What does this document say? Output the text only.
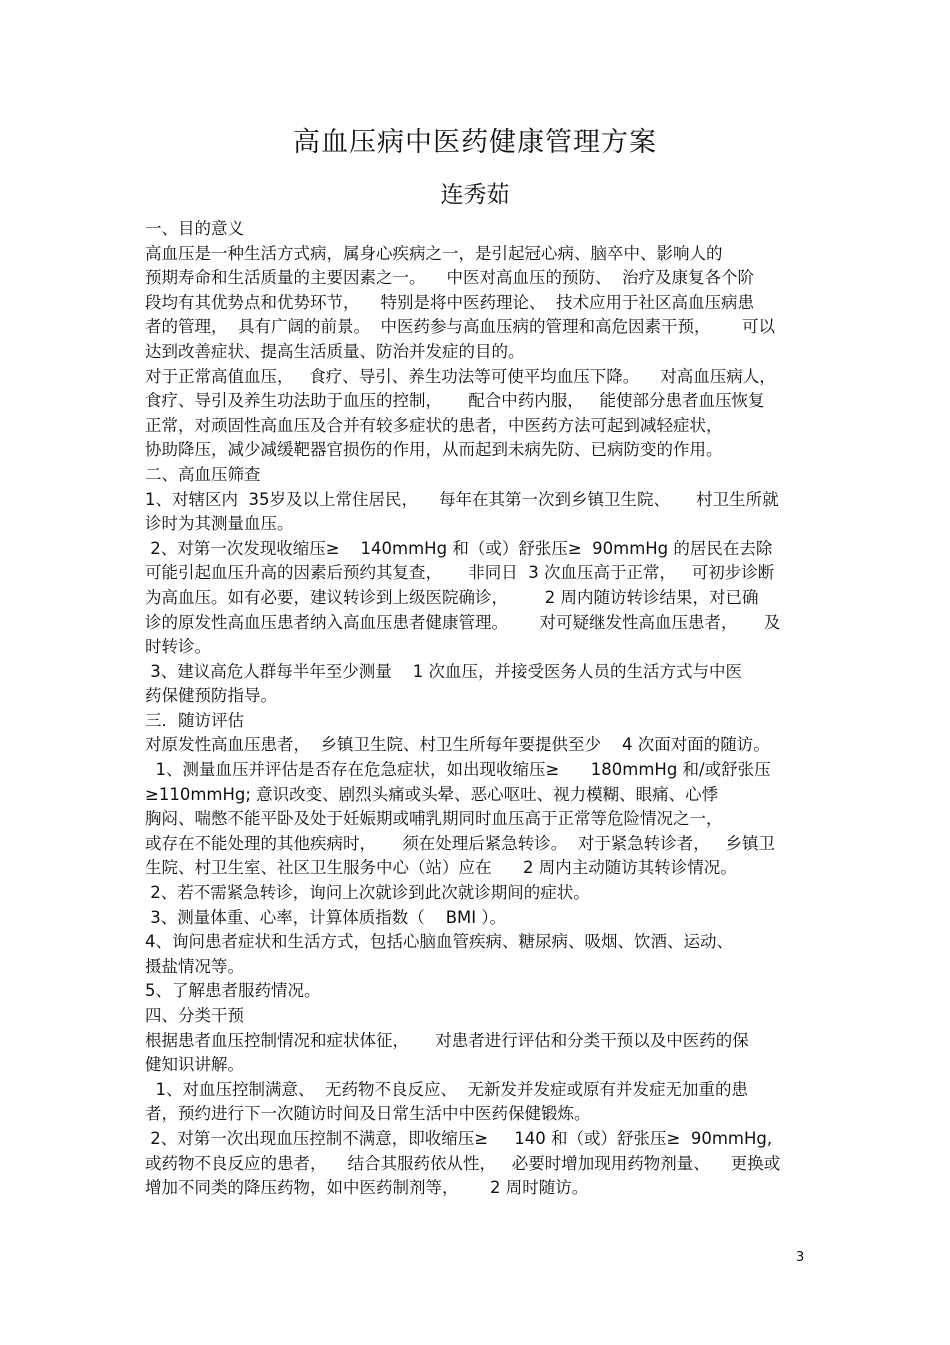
高血压病中医药健康管理方案
连秀茹
一、目的意义
高血压是一种生活方式病，属身心疾病之一，是引起冠心病、脑卒中、影响人的
预期寿命和生活质量的主要因素之一。    中医对高血压的预防、  治疗及康复各个阶
段均有其优势点和优势环节，    特别是将中医药理论、  技术应用于社区高血压病患
者的管理，  具有广阔的前景。  中医药参与高血压病的管理和高危因素干预，      可以
达到改善症状、提高生活质量、防治并发症的目的。
对于正常高值血压，   食疗、导引、养生功法等可使平均血压下降。    对高血压病人，
食疗、导引及养生功法助于血压的控制，     配合中药内服，   能使部分患者血压恢复
正常，对顽固性高血压及合并有较多症状的患者，中医药方法可起到减轻症状，
协助降压，减少减缓靶器官损伤的作用，从而起到未病先防、已病防变的作用。
二、高血压筛查
1、对辖区内  35岁及以上常住居民，    每年在其第一次到乡镇卫生院、     村卫生所就
诊时为其测量血压。
2、对第一次发现收缩压≥    140mmHg 和（或）舒张压≥  90mmHg 的居民在去除
可能引起血压升高的因素后预约其复查，     非同日  3 次血压高于正常，   可初步诊断
为高血压。如有必要，建议转诊到上级医院确诊，       2 周内随访转诊结果，对已确
诊的原发性高血压患者纳入高血压患者健康管理。      对可疑继发性高血压患者，     及
时转诊。
3、建议高危人群每半年至少测量    1 次血压，并接受医务人员的生活方式与中医
药保健预防指导。
三．随访评估
对原发性高血压患者，  乡镇卫生院、村卫生所每年要提供至少    4 次面对面的随访。
1、测量血压并评估是否存在危急症状，如出现收缩压≥      180mmHg 和/或舒张压
≥110mmHg; 意识改变、剧烈头痛或头晕、恶心呕吐、视力模糊、眼痛、心悸
胸闷、喘憋不能平卧及处于妊娠期或哺乳期同时血压高于正常等危险情况之一，
或存在不能处理的其他疾病时，     须在处理后紧急转诊。  对于紧急转诊者，   乡镇卫
生院、村卫生室、社区卫生服务中心（站）应在      2 周内主动随访其转诊情况。
2、若不需紧急转诊，询问上次就诊到此次就诊期间的症状。
3、测量体重、心率，计算体质指数（    BMI ）。
4、询问患者症状和生活方式，包括心脑血管疾病、糖尿病、吸烟、饮酒、运动、
摄盐情况等。
5、了解患者服药情况。
四、分类干预
根据患者血压控制情况和症状体征，     对患者进行评估和分类干预以及中医药的保
健知识讲解。
1、对血压控制满意、  无药物不良反应、  无新发并发症或原有并发症无加重的患
者，预约进行下一次随访时间及日常生活中中医药保健锻炼。
2、对第一次出现血压控制不满意，即收缩压≥     140 和（或）舒张压≥  90mmHg,
或药物不良反应的患者，    结合其服药依从性，   必要时增加现用药物剂量、    更换或
增加不同类的降压药物，如中医药制剂等，      2 周时随访。
3
